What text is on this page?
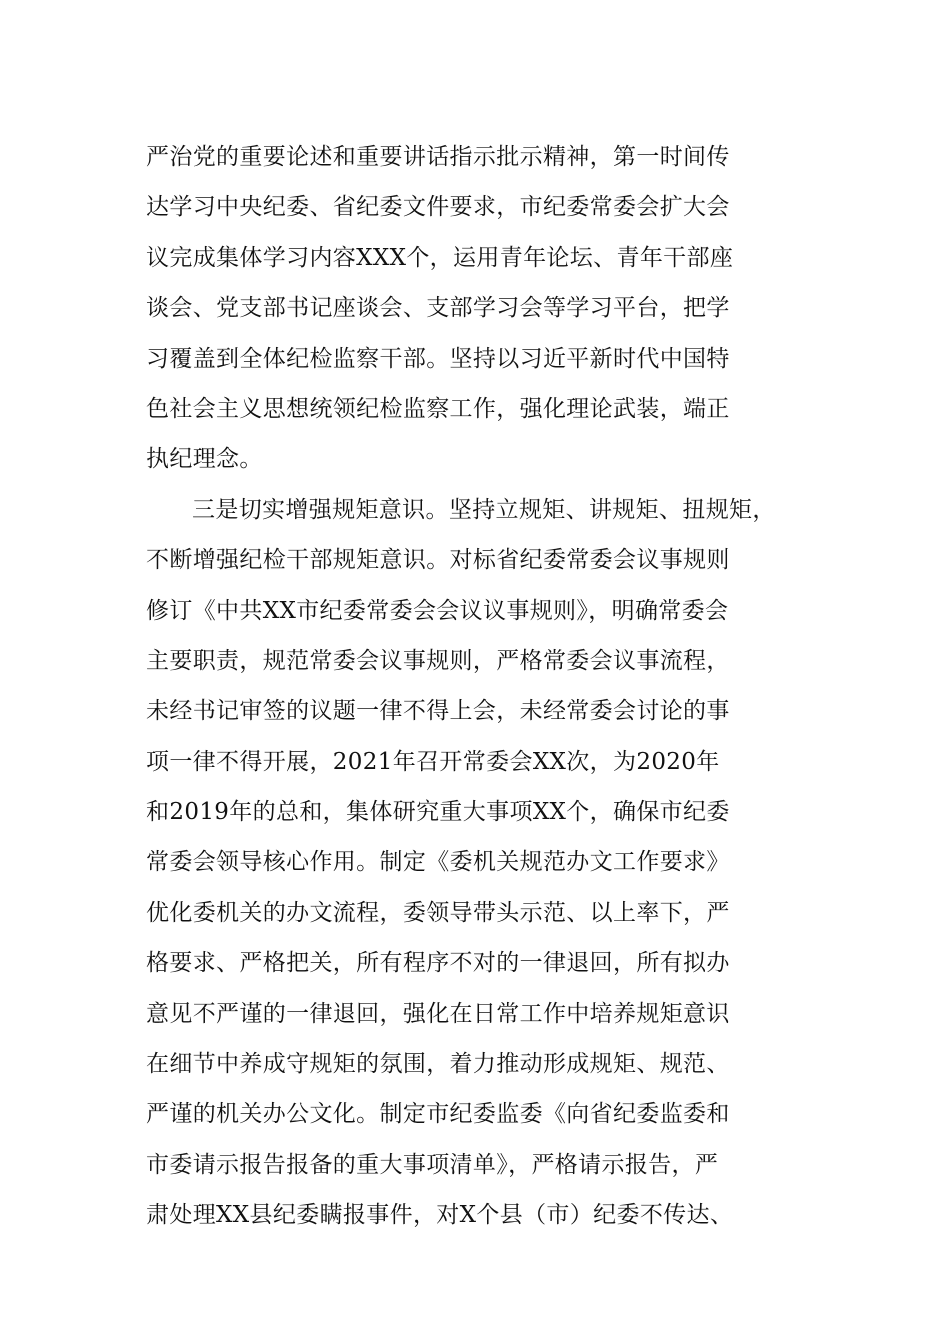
严治党的重要论述和重要讲话指示批示精神，第一时间传
达学习中央纪委、省纪委文件要求，市纪委常委会扩大会
议完成集体学习内容XXX个，运用青年论坛、青年干部座
谈会、党支部书记座谈会、支部学习会等学习平台，把学
习覆盖到全体纪检监察干部。坚持以习近平新时代中国特
色社会主义思想统领纪检监察工作，强化理论武装，端正
执纪理念。
三是切实增强规矩意识。坚持立规矩、讲规矩、扭规矩，
不断增强纪检干部规矩意识。对标省纪委常委会议事规则
修订《中共XX市纪委常委会会议议事规则》，明确常委会
主要职责，规范常委会议事规则，严格常委会议事流程，
未经书记审签的议题一律不得上会，未经常委会讨论的事
项一律不得开展，2021年召开常委会XX次，为2020年
和2019年的总和，集体研究重大事项XX个，确保市纪委
常委会领导核心作用。制定《委机关规范办文工作要求》
优化委机关的办文流程，委领导带头示范、以上率下，严
格要求、严格把关，所有程序不对的一律退回，所有拟办
意见不严谨的一律退回，强化在日常工作中培养规矩意识
在细节中养成守规矩的氛围，着力推动形成规矩、规范、
严谨的机关办公文化。制定市纪委监委《向省纪委监委和
市委请示报告报备的重大事项清单》，严格请示报告，严
肃处理XX县纪委瞒报事件，对X个县（市）纪委不传达、
